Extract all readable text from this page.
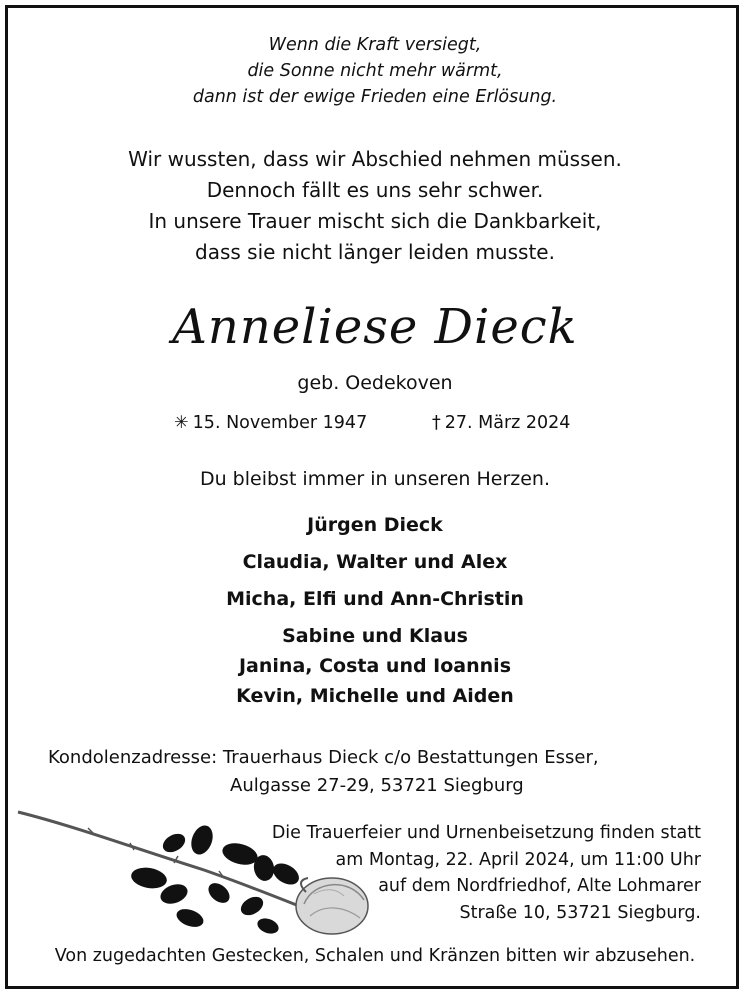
Wenn die Kraft versiegt,
die Sonne nicht mehr wärmt,
dann ist der ewige Frieden eine Erlösung.
Wir wussten, dass wir Abschied nehmen müssen.
Dennoch fällt es uns sehr schwer.
In unsere Trauer mischt sich die Dankbarkeit,
dass sie nicht länger leiden musste.
Anneliese Dieck
geb. Oedekoven
✳ 15. November 1947	† 27. März 2024
Du bleibst immer in unseren Herzen.
Jürgen Dieck
Claudia, Walter und Alex
Micha, Elfi und Ann-Christin
Sabine und Klaus
Janina, Costa und Ioannis
Kevin, Michelle und Aiden
Kondolenzadresse: Trauerhaus Dieck c/o Bestattungen Esser,
Aulgasse 27-29, 53721 Siegburg
Die Trauerfeier und Urnenbeisetzung finden statt
am Montag, 22. April 2024, um 11:00 Uhr
auf dem Nordfriedhof, Alte Lohmarer
Straße 10, 53721 Siegburg.
Von zugedachten Gestecken, Schalen und Kränzen bitten wir abzusehen.
